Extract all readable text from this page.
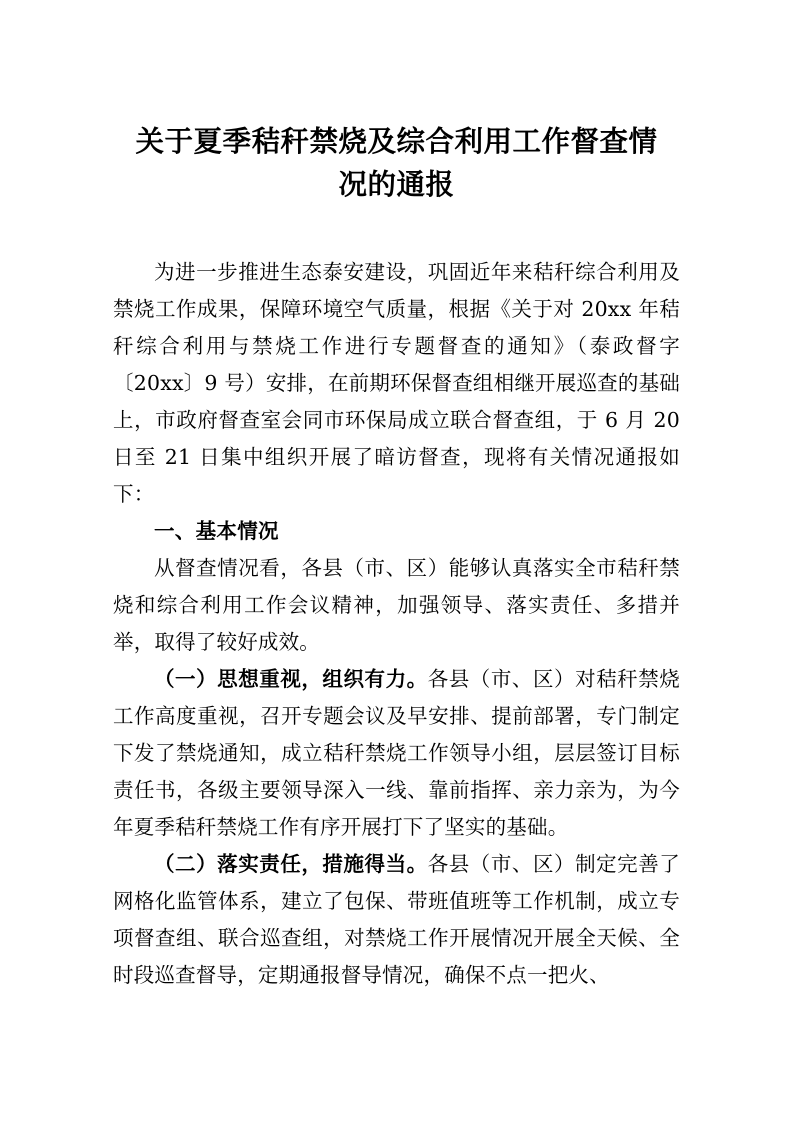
关于夏季秸秆禁烧及综合利用工作督查情况的通报

为进一步推进生态泰安建设，巩固近年来秸秆综合利用及禁烧工作成果，保障环境空气质量，根据《关于对 20xx 年秸秆综合利用与禁烧工作进行专题督查的通知》（泰政督字〔20xx〕9 号）安排，在前期环保督查组相继开展巡查的基础上，市政府督查室会同市环保局成立联合督查组，于 6 月 20 日至 21 日集中组织开展了暗访督查，现将有关情况通报如下：

一、基本情况

从督查情况看，各县（市、区）能够认真落实全市秸秆禁烧和综合利用工作会议精神，加强领导、落实责任、多措并举，取得了较好成效。

（一）思想重视，组织有力。各县（市、区）对秸秆禁烧工作高度重视，召开专题会议及早安排、提前部署，专门制定下发了禁烧通知，成立秸秆禁烧工作领导小组，层层签订目标责任书，各级主要领导深入一线、靠前指挥、亲力亲为，为今年夏季秸秆禁烧工作有序开展打下了坚实的基础。

（二）落实责任，措施得当。各县（市、区）制定完善了网格化监管体系，建立了包保、带班值班等工作机制，成立专项督查组、联合巡查组，对禁烧工作开展情况开展全天候、全时段巡查督导，定期通报督导情况，确保不点一把火、
